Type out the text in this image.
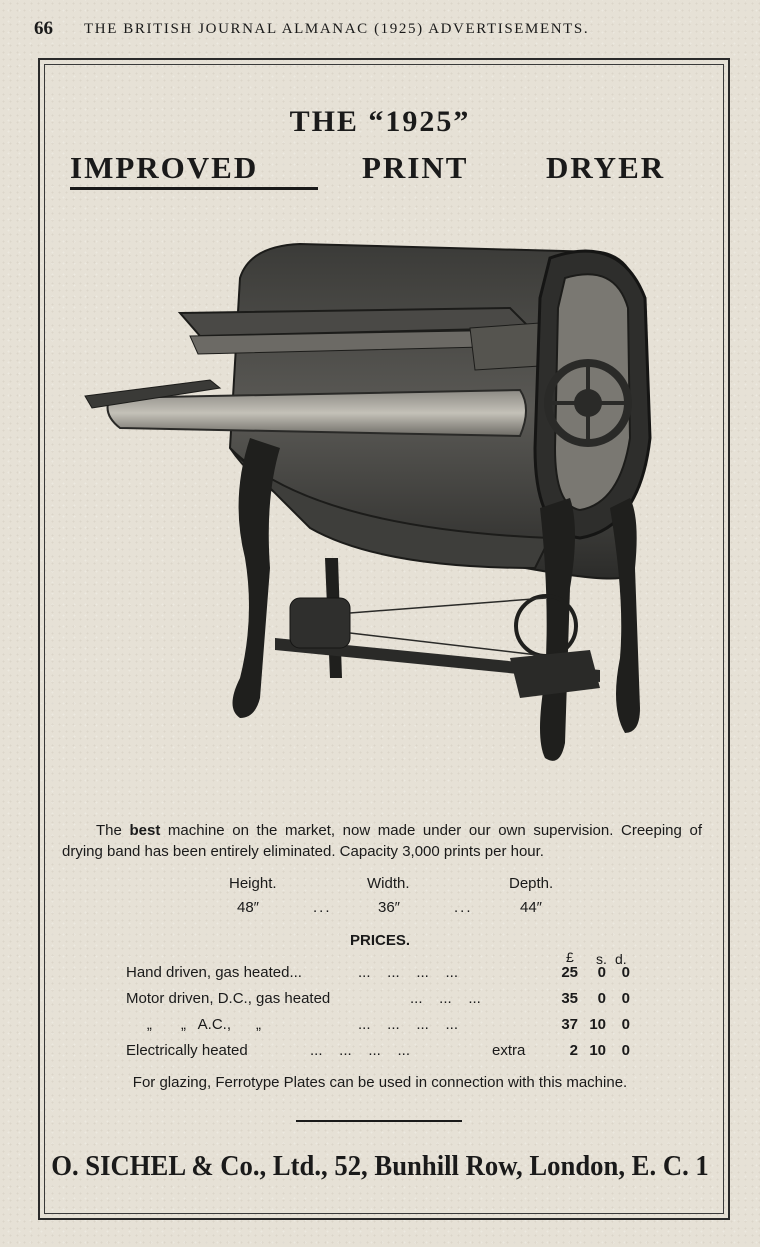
66 THE BRITISH JOURNAL ALMANAC (1925) ADVERTISEMENTS.
THE “1925”
IMPROVED	PRINT	DRYER
The best machine on the market, now made under our own supervision. Creeping of drying band has been entirely eliminated. Capacity 3,000 prints per hour.
Height.	Width.	Depth.
48″	...	36″	...	44″
PRICES.
£ s. d.
Hand driven, gas heated...	...    ...    ...    ...	25	0	0
Motor driven, D.C., gas heated	...    ...    ...	35	0	0
„       „   A.C.,      „	...    ...    ...    ...	37 10	0
Electrically heated	...    ...    ...    ...	extra	2 10	0
For glazing, Ferrotype Plates can be used in connection with this machine.
O. SICHEL & Co., Ltd., 52, Bunhill Row, London, E. C. 1
